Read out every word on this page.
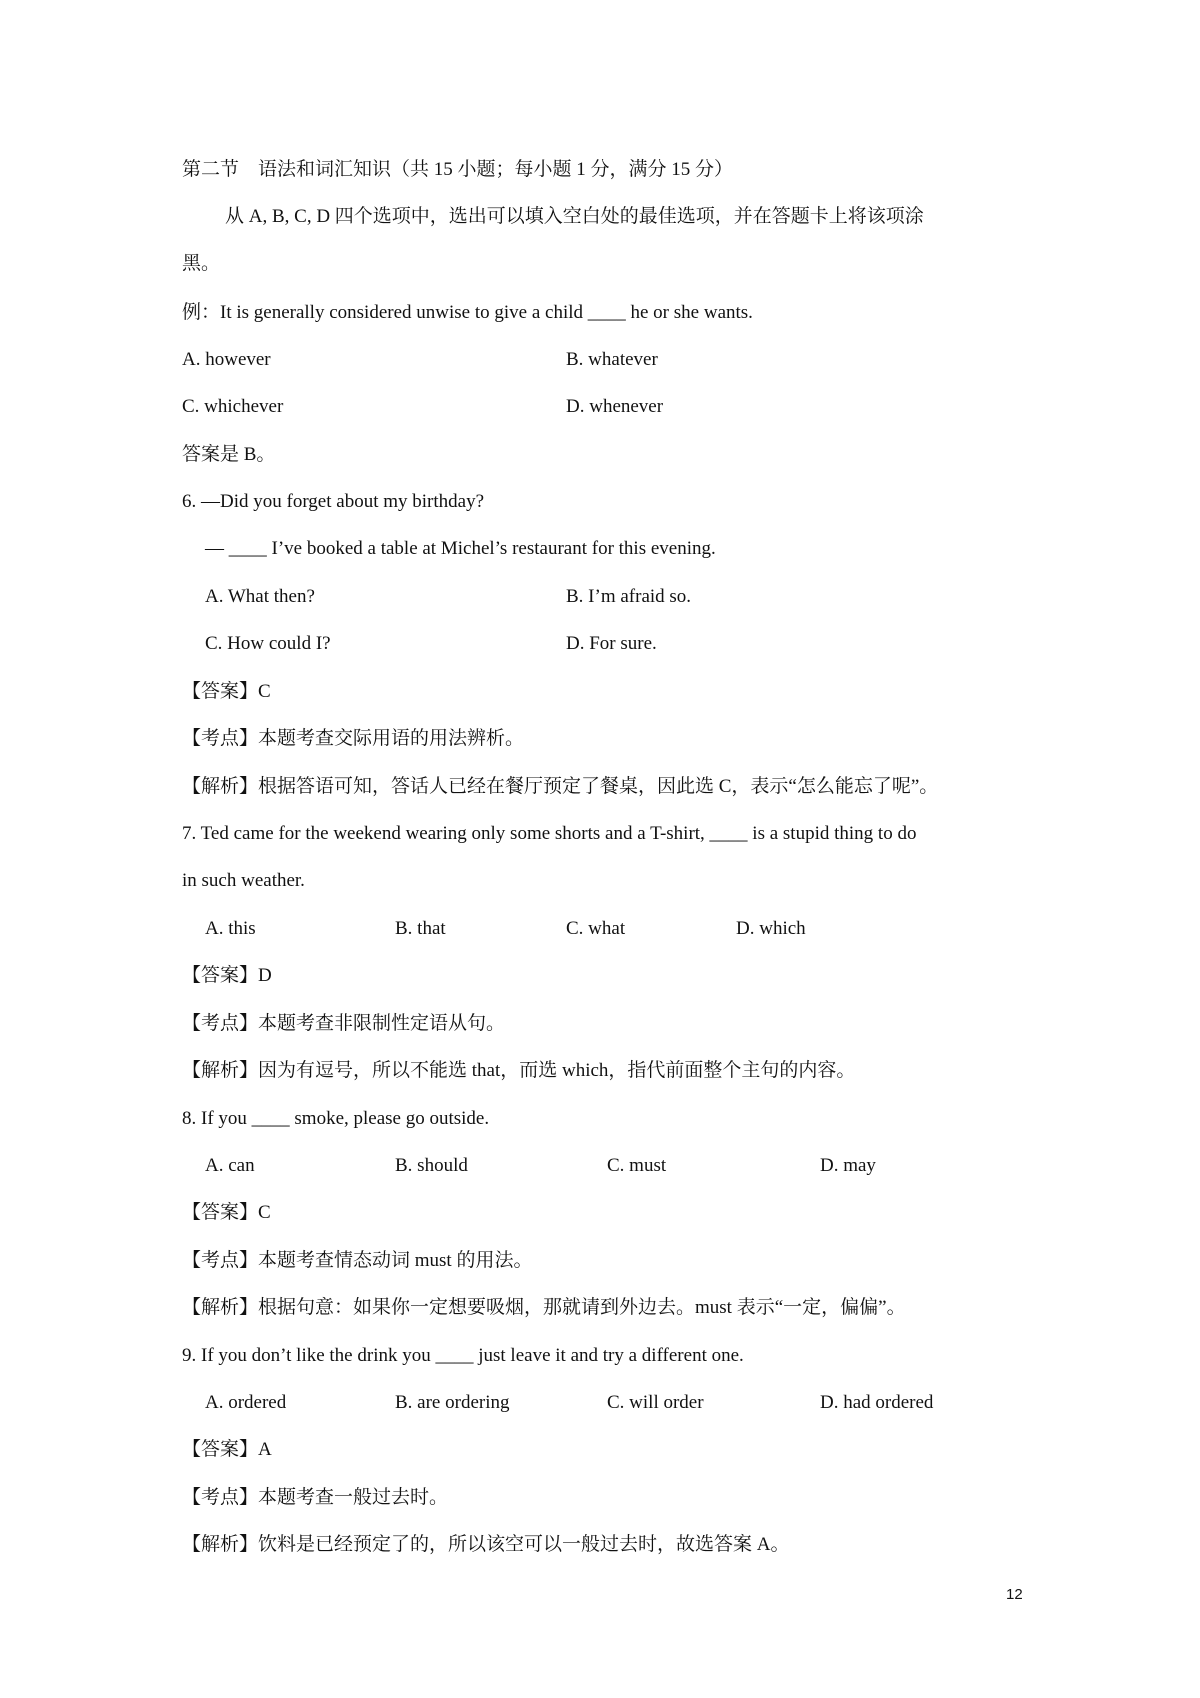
第二节　语法和词汇知识（共 15 小题；每小题 1 分，满分 15 分）
从 A, B, C, D 四个选项中，选出可以填入空白处的最佳选项，并在答题卡上将该项涂
黑。
例：It is generally considered unwise to give a child ____ he or she wants.
A. however	B. whatever
C. whichever	D. whenever
答案是 B。
6. —Did you forget about my birthday?
— ____ I’ve booked a table at Michel’s restaurant for this evening.
A. What then?	B. I’m afraid so.
C. How could I?	D. For sure.
【答案】C
【考点】本题考查交际用语的用法辨析。
【解析】根据答语可知，答话人已经在餐厅预定了餐桌，因此选 C，表示“怎么能忘了呢”。
7. Ted came for the weekend wearing only some shorts and a T-shirt, ____ is a stupid thing to do
in such weather.
A. this	B. that	C. what	D. which
【答案】D
【考点】本题考查非限制性定语从句。
【解析】因为有逗号，所以不能选 that，而选 which，指代前面整个主句的内容。
8. If you ____ smoke, please go outside.
A. can	B. should	C. must	D. may
【答案】C
【考点】本题考查情态动词 must 的用法。
【解析】根据句意：如果你一定想要吸烟，那就请到外边去。must 表示“一定，偏偏”。
9. If you don’t like the drink you ____ just leave it and try a different one.
A. ordered	B. are ordering	C. will order	D. had ordered
【答案】A
【考点】本题考查一般过去时。
【解析】饮料是已经预定了的，所以该空可以一般过去时，故选答案 A。
12
